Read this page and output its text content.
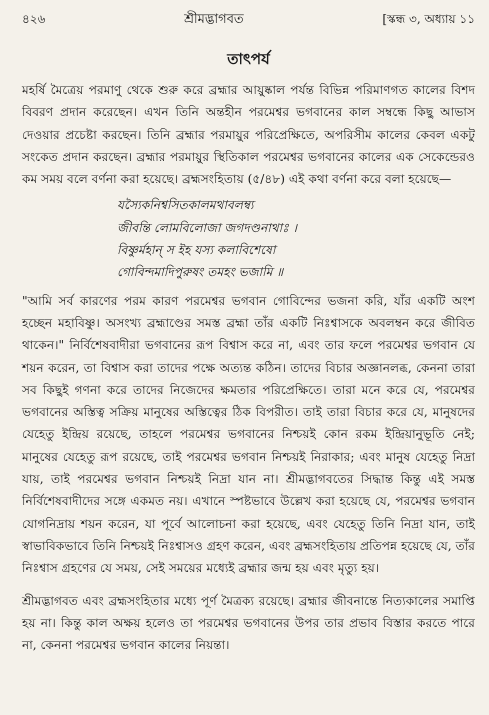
৪২৬	শ্রীমদ্ভাগবত	[স্কন্ধ ৩, অধ্যায় ১১
তাৎপর্য

মহর্ষি মৈত্রেয় পরমাণু থেকে শুরু করে ব্রহ্মার আয়ুষ্কাল পর্যন্ত বিভিন্ন পরিমাণগত কালের বিশদ বিবরণ প্রদান করেছেন। এখন তিনি অন্তহীন পরমেশ্বর ভগবানের কাল সম্বন্ধে কিছু আভাস দেওয়ার প্রচেষ্টা করছেন। তিনি ব্রহ্মার পরমায়ুর পরিপ্রেক্ষিতে, অপরিসীম কালের কেবল একটু সংকেত প্রদান করছেন। ব্রহ্মার পরমায়ুর স্থিতিকাল পরমেশ্বর ভগবানের কালের এক সেকেন্ডেরও কম সময় বলে বর্ণনা করা হয়েছে। ব্রহ্মসংহিতায় (৫/৪৮) এই কথা বর্ণনা করে বলা হয়েছে—

যস্যৈকনিশ্বসিতকালমথাবলম্ব্য
জীবন্তি লোমবিলোজা জগদণ্ডনাথাঃ ।
বিষ্ণুর্মহান্ স ইহ যস্য কলাবিশেষো
গোবিন্দমাদিপুরুষং তমহং ভজামি ॥

"আমি সর্ব কারণের পরম কারণ পরমেশ্বর ভগবান গোবিন্দের ভজনা করি, যাঁর একটি অংশ হচ্ছেন মহাবিষ্ণু। অসংখ্য ব্রহ্মাণ্ডের সমস্ত ব্রহ্মা তাঁর একটি নিঃশ্বাসকে অবলম্বন করে জীবিত থাকেন।" নির্বিশেষবাদীরা ভগবানের রূপ বিশ্বাস করে না, এবং তার ফলে পরমেশ্বর ভগবান যে শয়ন করেন, তা বিশ্বাস করা তাদের পক্ষে অত্যন্ত কঠিন। তাদের বিচার অজ্ঞানলব্ধ, কেননা তারা সব কিছুই গণনা করে তাদের নিজেদের ক্ষমতার পরিপ্রেক্ষিতে। তারা মনে করে যে, পরমেশ্বর ভগবানের অস্তিত্ব সক্রিয় মানুষের অস্তিত্বের ঠিক বিপরীত। তাই তারা বিচার করে যে, মানুষদের যেহেতু ইন্দ্রিয় রয়েছে, তাহলে পরমেশ্বর ভগবানের নিশ্চয়ই কোন রকম ইন্দ্রিয়ানুভূতি নেই; মানুষের যেহেতু রূপ রয়েছে, তাই পরমেশ্বর ভগবান নিশ্চয়ই নিরাকার; এবং মানুষ যেহেতু নিদ্রা যায়, তাই পরমেশ্বর ভগবান নিশ্চয়ই নিদ্রা যান না। শ্রীমদ্ভাগবতের সিদ্ধান্ত কিন্তু এই সমস্ত নির্বিশেষবাদীদের সঙ্গে একমত নয়। এখানে স্পষ্টভাবে উল্লেখ করা হয়েছে যে, পরমেশ্বর ভগবান যোগনিদ্রায় শয়ন করেন, যা পূর্বে আলোচনা করা হয়েছে, এবং যেহেতু তিনি নিদ্রা যান, তাই স্বাভাবিকভাবে তিনি নিশ্চয়ই নিঃশ্বাসও গ্রহণ করেন, এবং ব্রহ্মসংহিতায় প্রতিপন্ন হয়েছে যে, তাঁর নিঃশ্বাস গ্রহণের যে সময়, সেই সময়ের মধ্যেই ব্রহ্মার জন্ম হয় এবং মৃত্যু হয়।

শ্রীমদ্ভাগবত এবং ব্রহ্মসংহিতার মধ্যে পূর্ণ মৈত্রক্য রয়েছে। ব্রহ্মার জীবনান্তে নিত্যকালের সমাপ্তি হয় না। কিন্তু কাল অক্ষয় হলেও তা পরমেশ্বর ভগবানের উপর তার প্রভাব বিস্তার করতে পারে না, কেননা পরমেশ্বর ভগবান কালের নিয়ন্তা।
